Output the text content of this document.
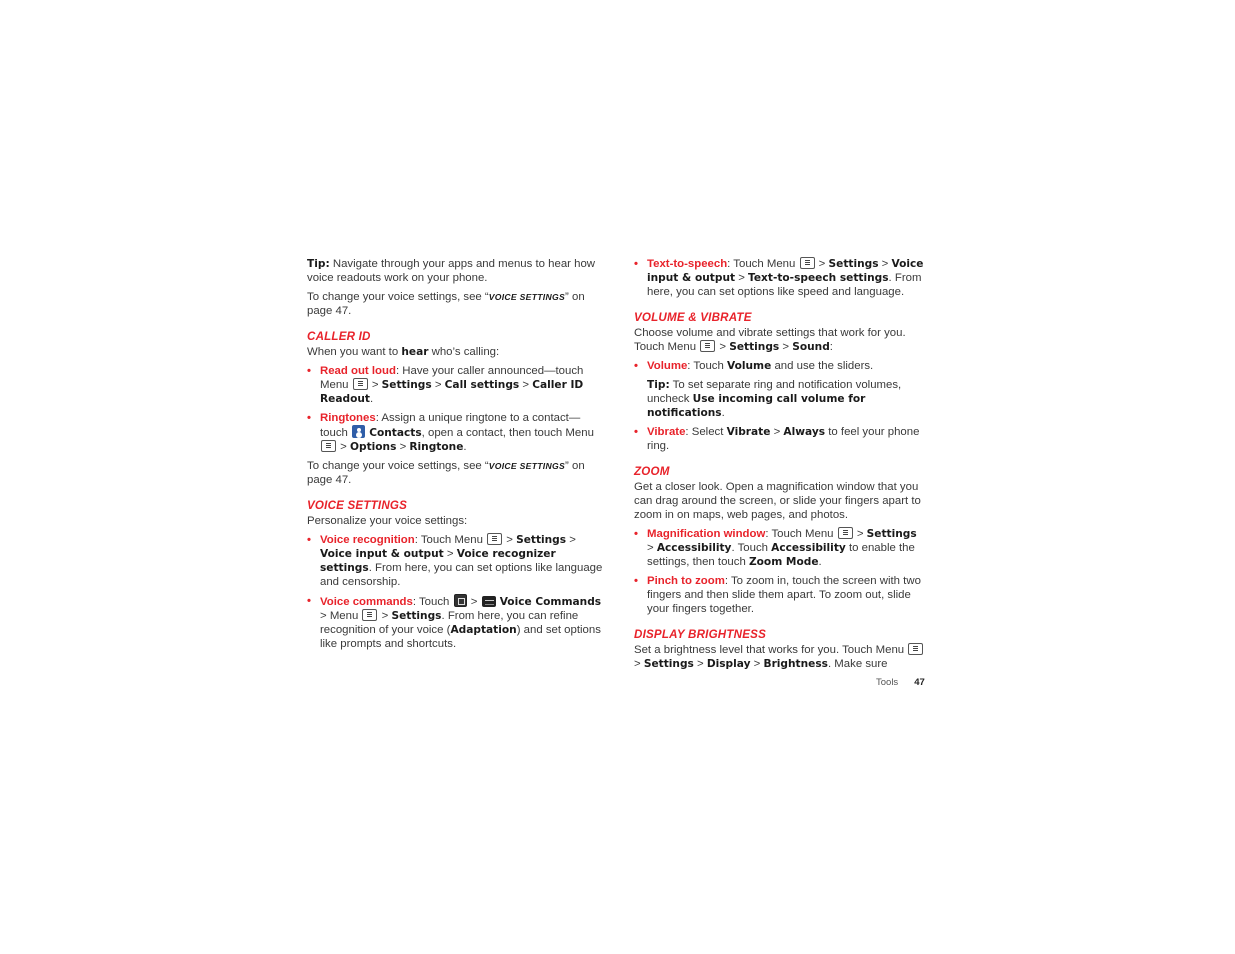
Tip: Navigate through your apps and menus to hear how voice readouts work on your phone.

To change your voice settings, see “VOICE SETTINGS” on page 47.

CALLER ID

When you want to hear who’s calling:

• Read out loud: Have your caller announced—touch Menu  > Settings > Call settings > Caller ID Readout.
• Ringtones: Assign a unique ringtone to a contact—touch  Contacts, open a contact, then touch Menu  > Options > Ringtone.

To change your voice settings, see “VOICE SETTINGS” on page 47.

VOICE SETTINGS

Personalize your voice settings:

• Voice recognition: Touch Menu  > Settings > Voice input & output > Voice recognizer settings. From here, you can set options like language and censorship.
• Voice commands: Touch  >  Voice Commands > Menu  > Settings. From here, you can refine recognition of your voice (Adaptation) and set options like prompts and shortcuts.
• Text-to-speech: Touch Menu  > Settings > Voice input & output > Text-to-speech settings. From here, you can set options like speed and language.
VOLUME & VIBRATE

Choose volume and vibrate settings that work for you. Touch Menu  > Settings > Sound:

• Volume: Touch Volume and use the sliders.

Tip: To set separate ring and notification volumes, uncheck Use incoming call volume for notifications.

• Vibrate: Select Vibrate > Always to feel your phone ring.
ZOOM

Get a closer look. Open a magnification window that you can drag around the screen, or slide your fingers apart to zoom in on maps, web pages, and photos.

• Magnification window: Touch Menu  > Settings > Accessibility. Touch Accessibility to enable the settings, then touch Zoom Mode.
• Pinch to zoom: To zoom in, touch the screen with two fingers and then slide them apart. To zoom out, slide your fingers together.
DISPLAY BRIGHTNESS

Set a brightness level that works for you. Touch Menu  > Settings > Display > Brightness. Make sure

Tools 47
